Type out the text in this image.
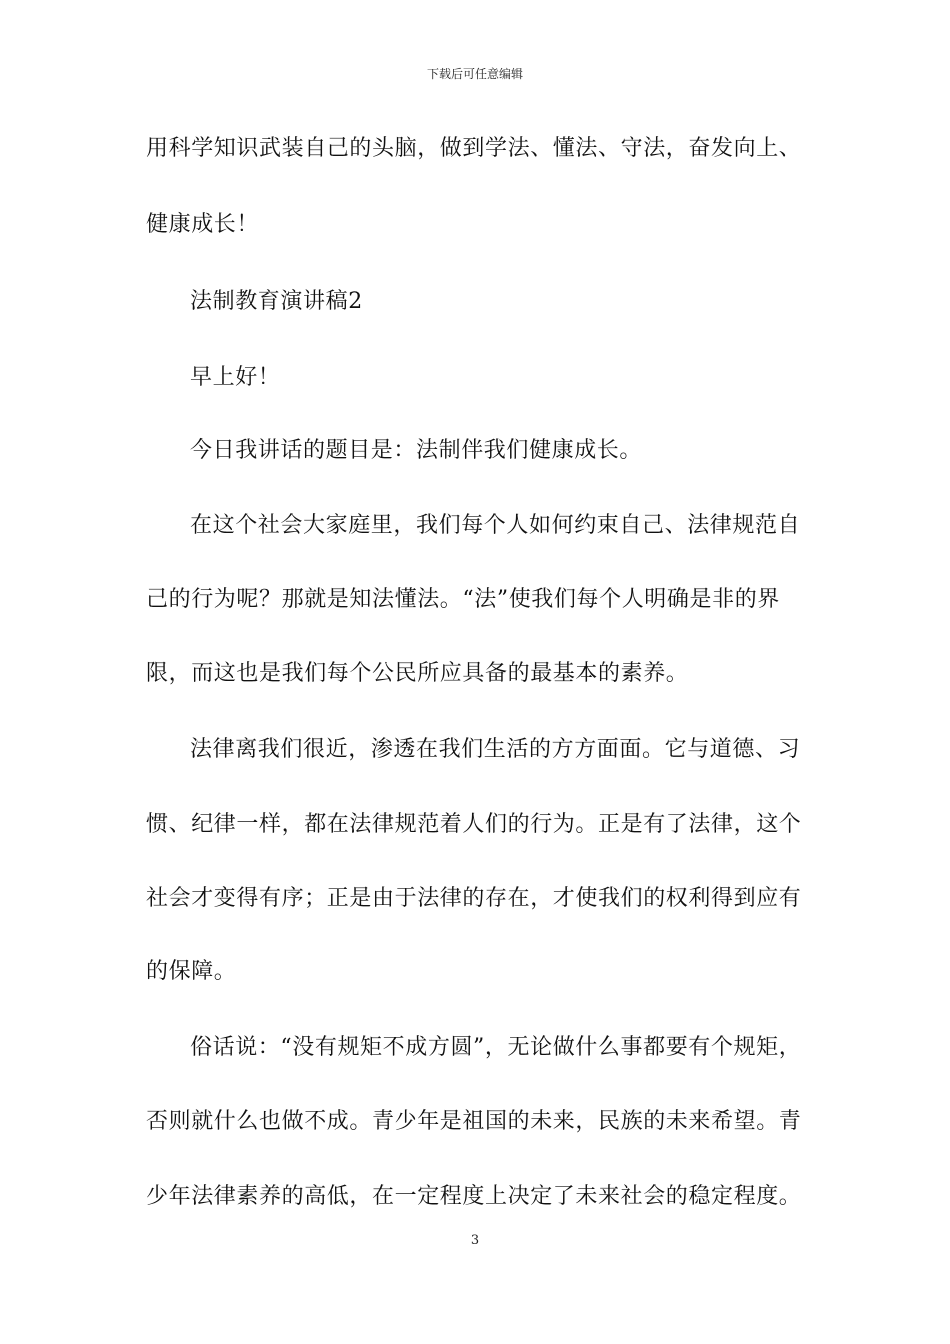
下载后可任意编辑
用科学知识武装自己的头脑，做到学法、懂法、守法，奋发向上、
健康成长！
法制教育演讲稿2
早上好！
今日我讲话的题目是：法制伴我们健康成长。
在这个社会大家庭里，我们每个人如何约束自己、法律规范自
己的行为呢？那就是知法懂法。“法”使我们每个人明确是非的界
限，而这也是我们每个公民所应具备的最基本的素养。
法律离我们很近，渗透在我们生活的方方面面。它与道德、习
惯、纪律一样，都在法律规范着人们的行为。正是有了法律，这个
社会才变得有序；正是由于法律的存在，才使我们的权利得到应有
的保障。
俗话说：“没有规矩不成方圆”，无论做什么事都要有个规矩，
否则就什么也做不成。青少年是祖国的未来，民族的未来希望。青
少年法律素养的高低，在一定程度上决定了未来社会的稳定程度。
3
